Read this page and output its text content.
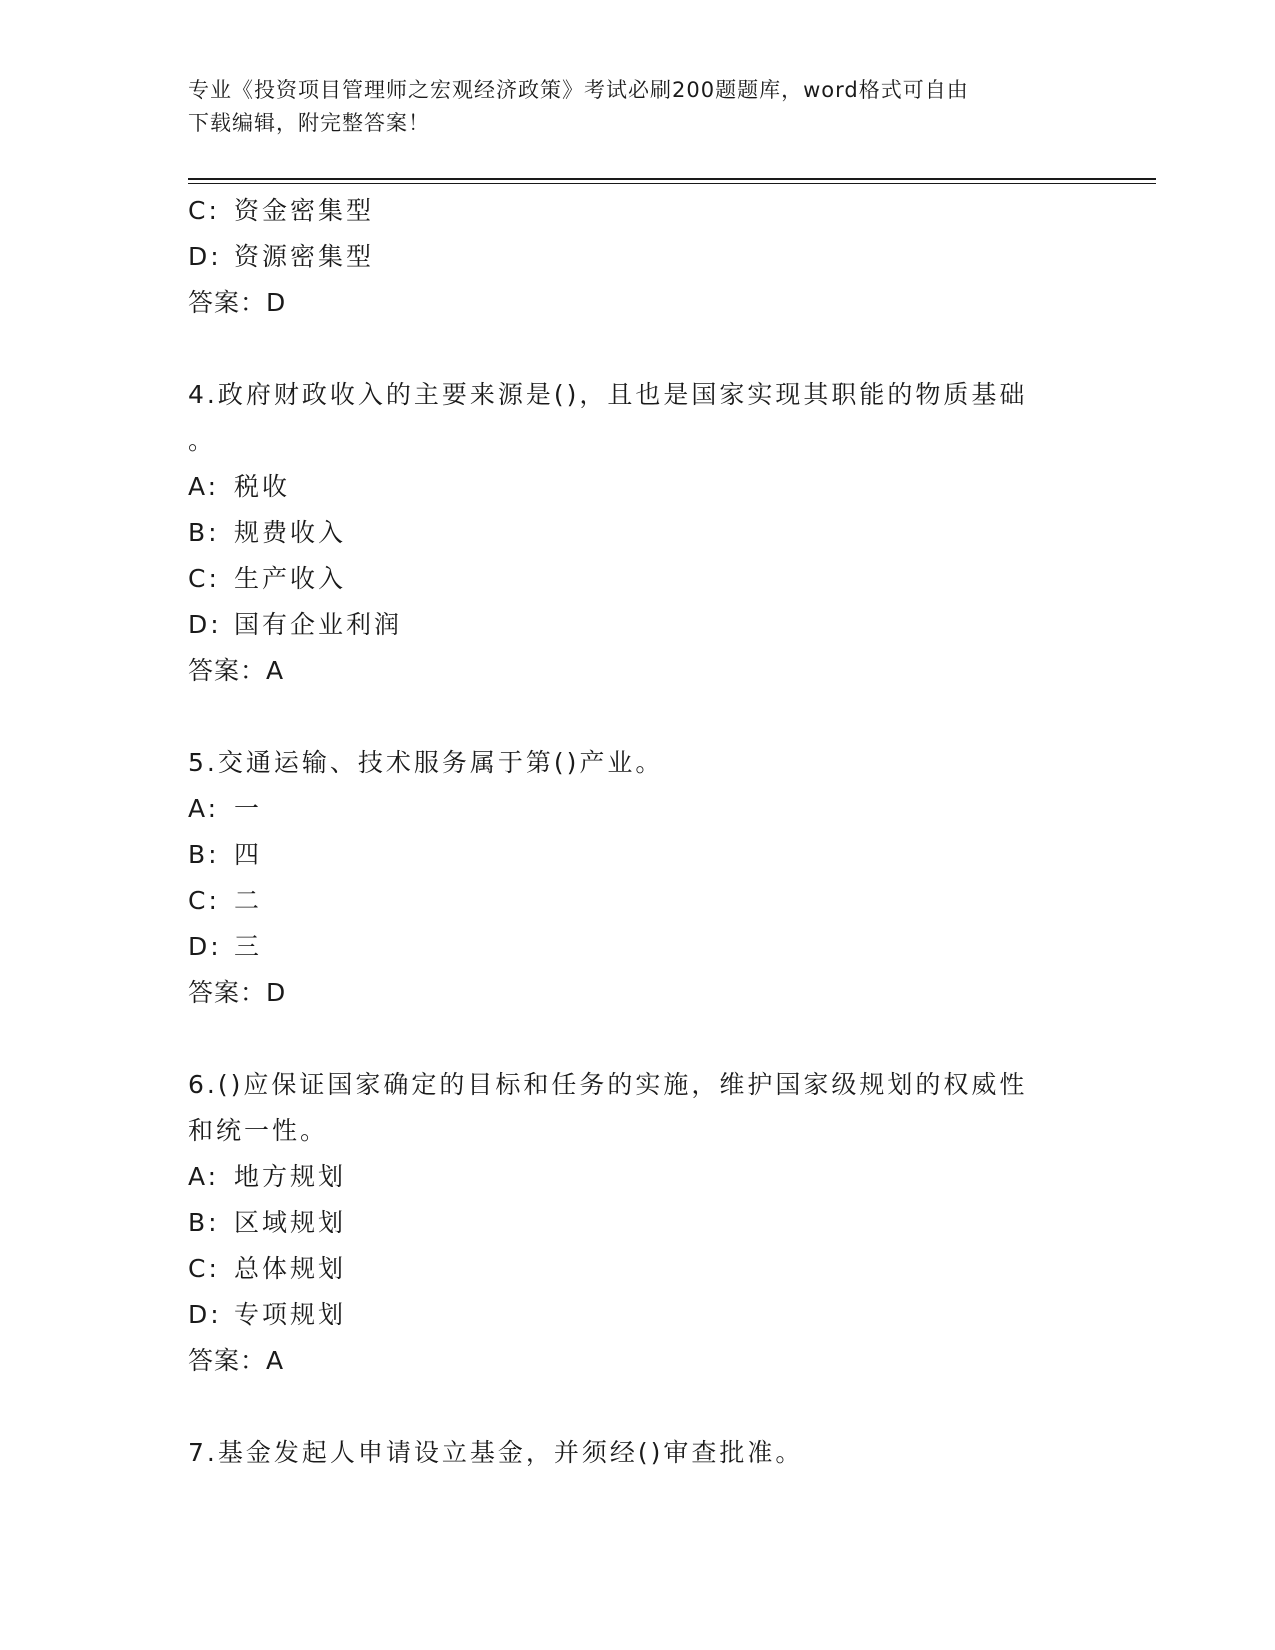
专业《投资项目管理师之宏观经济政策》考试必刷200题题库，word格式可自由
下载编辑，附完整答案！
C: 资金密集型
D: 资源密集型
答案：D
4.政府财政收入的主要来源是()，且也是国家实现其职能的物质基础
。
A: 税收
B: 规费收入
C: 生产收入
D: 国有企业利润
答案：A
5.交通运输、技术服务属于第()产业。
A: 一
B: 四
C: 二
D: 三
答案：D
6.()应保证国家确定的目标和任务的实施，维护国家级规划的权威性
和统一性。
A: 地方规划
B: 区域规划
C: 总体规划
D: 专项规划
答案：A
7.基金发起人申请设立基金，并须经()审查批准。
